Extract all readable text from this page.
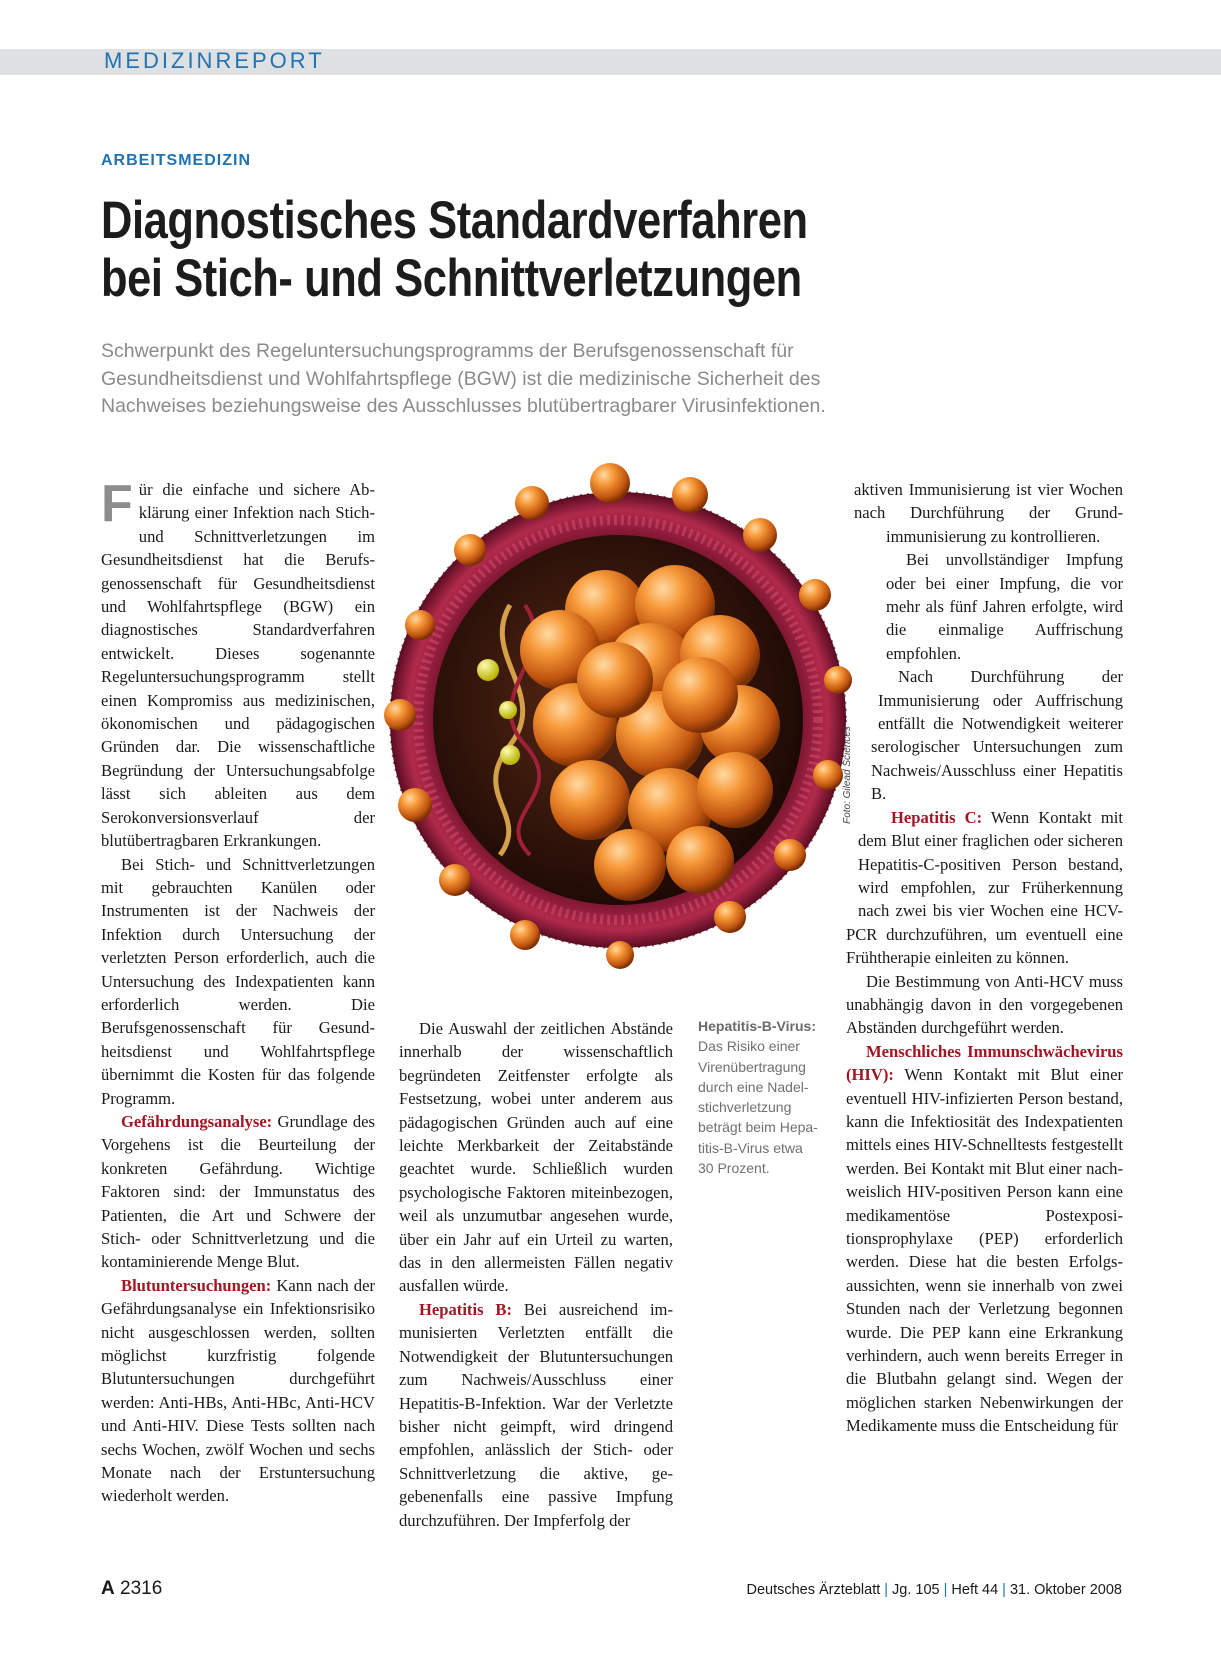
MEDIZINREPORT
ARBEITSMEDIZIN
Diagnostisches Standardverfahren
bei Stich- und Schnittverletzungen
Schwerpunkt des Regeluntersuchungsprogramms der Berufsgenossenschaft für
Gesundheitsdienst und Wohlfahrtspflege (BGW) ist die medizinische Sicherheit des
Nachweises beziehungsweise des Ausschlusses blutübertragbarer Virusinfektionen.

Für die einfache und sichere Abklärung einer Infektion nach Stich- und Schnittverletzungen im Gesundheitsdienst hat die Berufsgenossenschaft für Gesundheitsdienst und Wohlfahrtspflege (BGW) ein diagnostisches Standardverfahren entwickelt. Dieses sogenannte Regeluntersuchungsprogramm stellt einen Kompromiss aus medizinischen, ökonomischen und pädagogischen Gründen dar. Die wissenschaftliche Begründung der Untersuchungsabfolge lässt sich ableiten aus dem Serokonversionsverlauf der blutübertragbaren Erkrankungen.

Bei Stich- und Schnittverletzungen mit gebrauchten Kanülen oder Instrumenten ist der Nachweis der Infektion durch Untersuchung der verletzten Person erforderlich, auch die Untersuchung des Indexpatienten kann erforderlich werden. Die Berufsgenossenschaft für Gesundheitsdienst und Wohlfahrtspflege übernimmt die Kosten für das folgende Programm.

Gefährdungsanalyse: Grundlage des Vorgehens ist die Beurteilung der konkreten Gefährdung. Wichtige Faktoren sind: der Immunstatus des Patienten, die Art und Schwere der Stich- oder Schnittverletzung und die kontaminierende Menge Blut.

Blutuntersuchungen: Kann nach der Gefährdungsanalyse ein Infektionsrisiko nicht ausgeschlossen werden, sollten möglichst kurzfristig folgende Blutuntersuchungen durchgeführt werden: Anti-HBs, Anti-HBc, Anti-HCV und Anti-HIV. Diese Tests sollten nach sechs Wochen, zwölf Wochen und sechs Monate nach der Erstuntersuchung wiederholt werden.

Foto: Gilead Sciences

Die Auswahl der zeitlichen Abstände innerhalb der wissenschaftlich begründeten Zeitfenster erfolgte als Festsetzung, wobei unter anderem aus pädagogischen Gründen auch auf eine leichte Merkbarkeit der Zeitabstände geachtet wurde. Schließlich wurden psychologische Faktoren miteinbezogen, weil als unzumutbar angesehen wurde, über ein Jahr auf ein Urteil zu warten, das in den allermeisten Fällen negativ ausfallen würde.

Hepatitis B: Bei ausreichend immunisierten Verletzten entfällt die Notwendigkeit der Blutuntersuchungen zum Nachweis/Ausschluss einer Hepatitis-B-Infektion. War der Verletzte bisher nicht geimpft, wird dringend empfohlen, anlässlich der Stich- oder Schnittverletzung die aktive, gegebenenfalls eine passive Impfung durchzuführen. Der Impferfolg der

Hepatitis-B-Virus:
Das Risiko einer
Virenübertragung
durch eine Nadel-
stichverletzung
beträgt beim Hepa-
titis-B-Virus etwa
30 Prozent.

aktiven Immunisierung ist vier Wochen nach Durchführung der Grundimmunisierung zu kontrollieren.

Bei unvollständiger Impfung oder bei einer Impfung, die vor mehr als fünf Jahren erfolgte, wird die einmalige Auffrischung empfohlen.

Nach Durchführung der Immunisierung oder Auffrischung entfällt die Notwendigkeit weiterer serologischer Untersuchungen zum Nachweis/Ausschluss einer Hepatitis B.

Hepatitis C: Wenn Kontakt mit dem Blut einer fraglichen oder sicheren Hepatitis-C-positiven Person bestand, wird empfohlen, zur Früherkennung nach zwei bis vier Wochen eine HCV-PCR durchzuführen, um eventuell eine Frühtherapie einleiten zu können.

Die Bestimmung von Anti-HCV muss unabhängig davon in den vorgegebenen Abständen durchgeführt werden.

Menschliches Immunschwächevirus (HIV): Wenn Kontakt mit Blut einer eventuell HIV-infizierten Person bestand, kann die Infektiosität des Indexpatienten mittels eines HIV-Schnelltests festgestellt werden. Bei Kontakt mit Blut einer nachweislich HIV-positiven Person kann eine medikamentöse Postexpositionsprophylaxe (PEP) erforderlich werden. Diese hat die besten Erfolgsaussichten, wenn sie innerhalb von zwei Stunden nach der Verletzung begonnen wurde. Die PEP kann eine Erkrankung verhindern, auch wenn bereits Erreger in die Blutbahn gelangt sind. Wegen der möglichen starken Nebenwirkungen der Medikamente muss die Entscheidung für

A 2316	Deutsches Ärzteblatt | Jg. 105 | Heft 44 | 31. Oktober 2008
